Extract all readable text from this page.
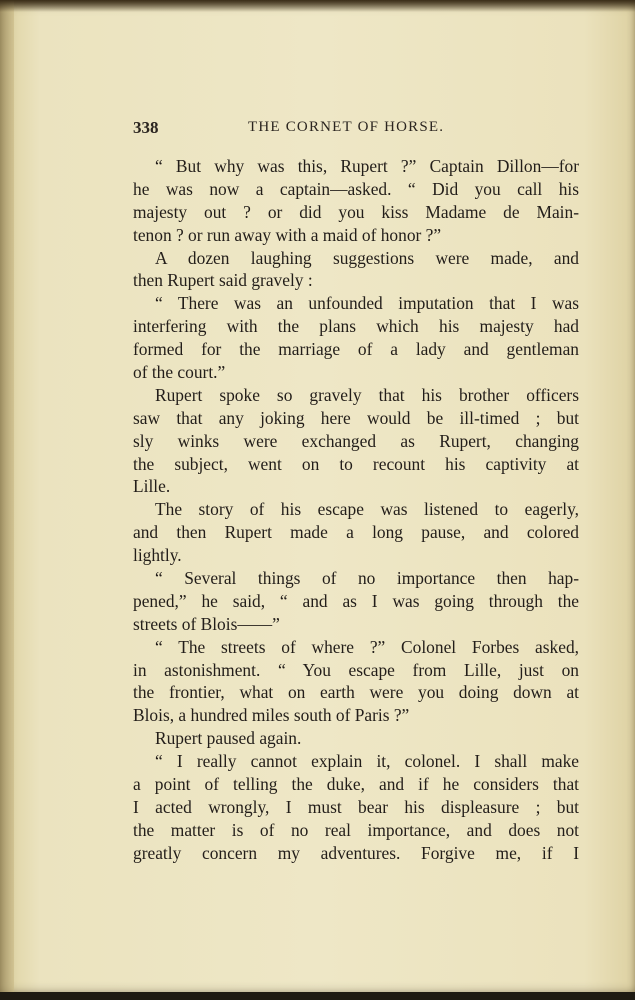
338	THE CORNET OF HORSE.
“ But why was this, Rupert ?” Captain Dillon—for
he was now a captain—asked. “ Did you call his
majesty out ? or did you kiss Madame de Main-
tenon ? or run away with a maid of honor ?”
A dozen laughing suggestions were made, and
then Rupert said gravely :
“ There was an unfounded imputation that I was
interfering with the plans which his majesty had
formed for the marriage of a lady and gentleman
of the court.”
Rupert spoke so gravely that his brother officers
saw that any joking here would be ill-timed ; but
sly winks were exchanged as Rupert, changing
the subject, went on to recount his captivity at
Lille.
The story of his escape was listened to eagerly,
and then Rupert made a long pause, and colored
lightly.
“ Several things of no importance then hap-
pened,” he said, “ and as I was going through the
streets of Blois——”
“ The streets of where ?” Colonel Forbes asked,
in astonishment. “ You escape from Lille, just on
the frontier, what on earth were you doing down at
Blois, a hundred miles south of Paris ?”
Rupert paused again.
“ I really cannot explain it, colonel. I shall make
a point of telling the duke, and if he considers that
I acted wrongly, I must bear his displeasure ; but
the matter is of no real importance, and does not
greatly concern my adventures. Forgive me, if I
